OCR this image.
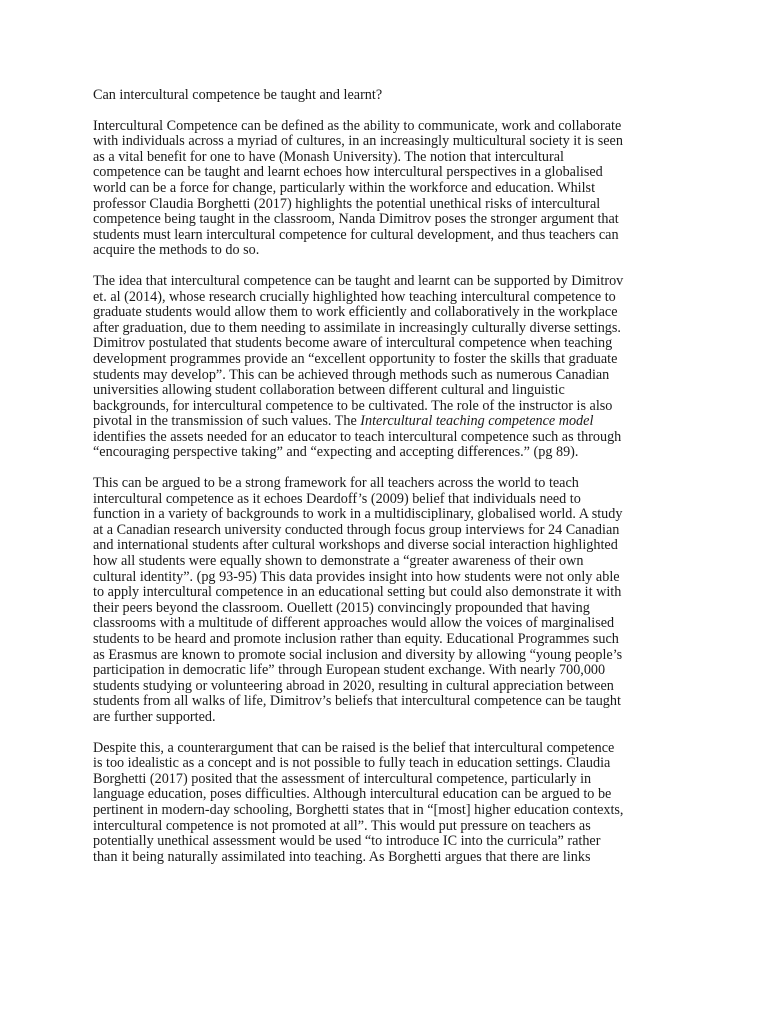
Can intercultural competence be taught and learnt?
Intercultural Competence can be defined as the ability to communicate, work and collaborate
with individuals across a myriad of cultures, in an increasingly multicultural society it is seen
as a vital benefit for one to have (Monash University). The notion that intercultural
competence can be taught and learnt echoes how intercultural perspectives in a globalised
world can be a force for change, particularly within the workforce and education. Whilst
professor Claudia Borghetti (2017) highlights the potential unethical risks of intercultural
competence being taught in the classroom, Nanda Dimitrov poses the stronger argument that
students must learn intercultural competence for cultural development, and thus teachers can
acquire the methods to do so.
The idea that intercultural competence can be taught and learnt can be supported by Dimitrov
et. al (2014), whose research crucially highlighted how teaching intercultural competence to
graduate students would allow them to work efficiently and collaboratively in the workplace
after graduation, due to them needing to assimilate in increasingly culturally diverse settings.
Dimitrov postulated that students become aware of intercultural competence when teaching
development programmes provide an “excellent opportunity to foster the skills that graduate
students may develop”. This can be achieved through methods such as numerous Canadian
universities allowing student collaboration between different cultural and linguistic
backgrounds, for intercultural competence to be cultivated. The role of the instructor is also
pivotal in the transmission of such values. The Intercultural teaching competence model
identifies the assets needed for an educator to teach intercultural competence such as through
“encouraging perspective taking” and “expecting and accepting differences.” (pg 89).
This can be argued to be a strong framework for all teachers across the world to teach
intercultural competence as it echoes Deardoff’s (2009) belief that individuals need to
function in a variety of backgrounds to work in a multidisciplinary, globalised world. A study
at a Canadian research university conducted through focus group interviews for 24 Canadian
and international students after cultural workshops and diverse social interaction highlighted
how all students were equally shown to demonstrate a “greater awareness of their own
cultural identity”. (pg 93-95) This data provides insight into how students were not only able
to apply intercultural competence in an educational setting but could also demonstrate it with
their peers beyond the classroom. Ouellett (2015) convincingly propounded that having
classrooms with a multitude of different approaches would allow the voices of marginalised
students to be heard and promote inclusion rather than equity. Educational Programmes such
as Erasmus are known to promote social inclusion and diversity by allowing “young people’s
participation in democratic life” through European student exchange. With nearly 700,000
students studying or volunteering abroad in 2020, resulting in cultural appreciation between
students from all walks of life, Dimitrov’s beliefs that intercultural competence can be taught
are further supported.
Despite this, a counterargument that can be raised is the belief that intercultural competence
is too idealistic as a concept and is not possible to fully teach in education settings. Claudia
Borghetti (2017) posited that the assessment of intercultural competence, particularly in
language education, poses difficulties. Although intercultural education can be argued to be
pertinent in modern-day schooling, Borghetti states that in “[most] higher education contexts,
intercultural competence is not promoted at all”. This would put pressure on teachers as
potentially unethical assessment would be used “to introduce IC into the curricula” rather
than it being naturally assimilated into teaching. As Borghetti argues that there are links
